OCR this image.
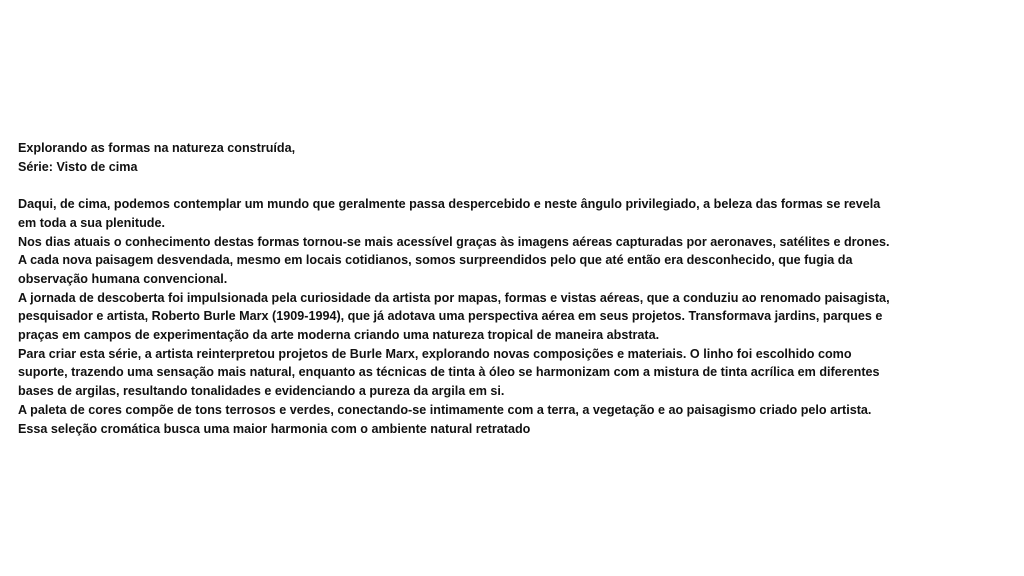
Explorando as formas na natureza construída,
Série: Visto de cima
Daqui, de cima, podemos contemplar um mundo que geralmente passa despercebido e neste ângulo privilegiado, a beleza das formas se revela
em toda a sua plenitude.
Nos dias atuais o conhecimento destas formas tornou-se mais acessível graças às imagens aéreas capturadas por aeronaves, satélites e drones.
A cada nova paisagem desvendada, mesmo em locais cotidianos, somos surpreendidos pelo que até então era desconhecido, que fugia da
observação humana convencional.
A jornada de descoberta foi impulsionada pela curiosidade da artista por mapas, formas e vistas aéreas, que a conduziu ao renomado paisagista,
pesquisador e artista, Roberto Burle Marx (1909-1994), que já adotava uma perspectiva aérea em seus projetos. Transformava jardins, parques e
praças em campos de experimentação da arte moderna criando uma natureza tropical de maneira abstrata.
Para criar esta série, a artista reinterpretou projetos de Burle Marx, explorando novas composições e materiais. O linho foi escolhido como
suporte, trazendo uma sensação mais natural, enquanto as técnicas de tinta à óleo se harmonizam com a mistura de tinta acrílica em diferentes
bases de argilas, resultando tonalidades e evidenciando a pureza da argila em si.
A paleta de cores compõe de tons terrosos e verdes, conectando-se intimamente com a terra, a vegetação e ao paisagismo criado pelo artista.
Essa seleção cromática busca uma maior harmonia com o ambiente natural retratado
